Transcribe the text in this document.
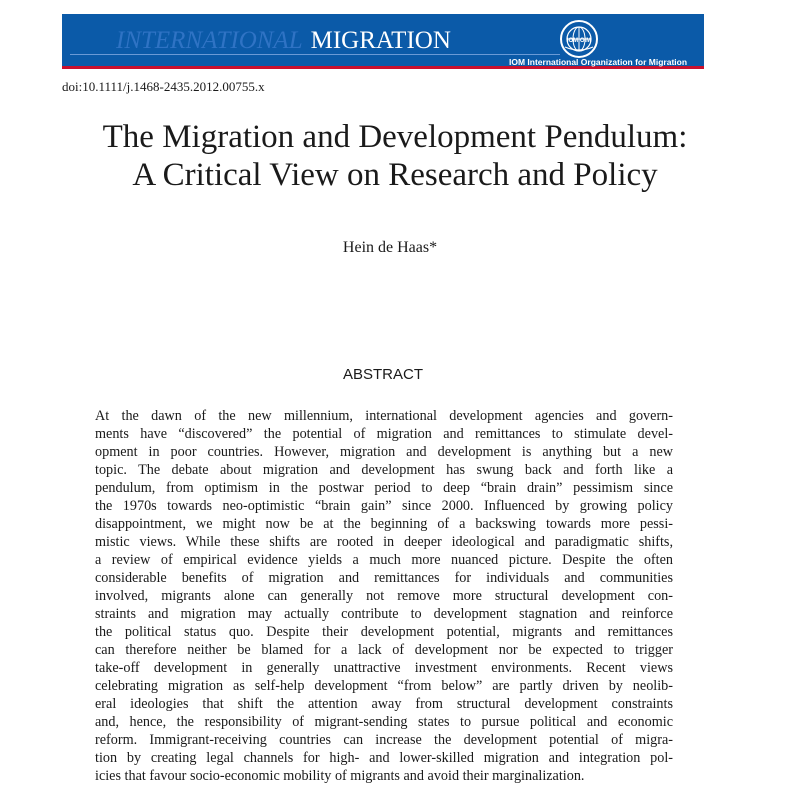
INTERNATIONAL MIGRATION	IOM OIM
IOM International Organization for Migration
doi:10.1111/j.1468-2435.2012.00755.x
The Migration and Development Pendulum:
A Critical View on Research and Policy
Hein de Haas*
ABSTRACT
At the dawn of the new millennium, international development agencies and govern-
ments have “discovered” the potential of migration and remittances to stimulate devel-
opment in poor countries. However, migration and development is anything but a new
topic. The debate about migration and development has swung back and forth like a
pendulum, from optimism in the postwar period to deep “brain drain” pessimism since
the 1970s towards neo-optimistic “brain gain” since 2000. Influenced by growing policy
disappointment, we might now be at the beginning of a backswing towards more pessi-
mistic views. While these shifts are rooted in deeper ideological and paradigmatic shifts,
a review of empirical evidence yields a much more nuanced picture. Despite the often
considerable benefits of migration and remittances for individuals and communities
involved, migrants alone can generally not remove more structural development con-
straints and migration may actually contribute to development stagnation and reinforce
the political status quo. Despite their development potential, migrants and remittances
can therefore neither be blamed for a lack of development nor be expected to trigger
take-off development in generally unattractive investment environments. Recent views
celebrating migration as self-help development “from below” are partly driven by neolib-
eral ideologies that shift the attention away from structural development constraints
and, hence, the responsibility of migrant-sending states to pursue political and economic
reform. Immigrant-receiving countries can increase the development potential of migra-
tion by creating legal channels for high- and lower-skilled migration and integration pol-
icies that favour socio-economic mobility of migrants and avoid their marginalization.
